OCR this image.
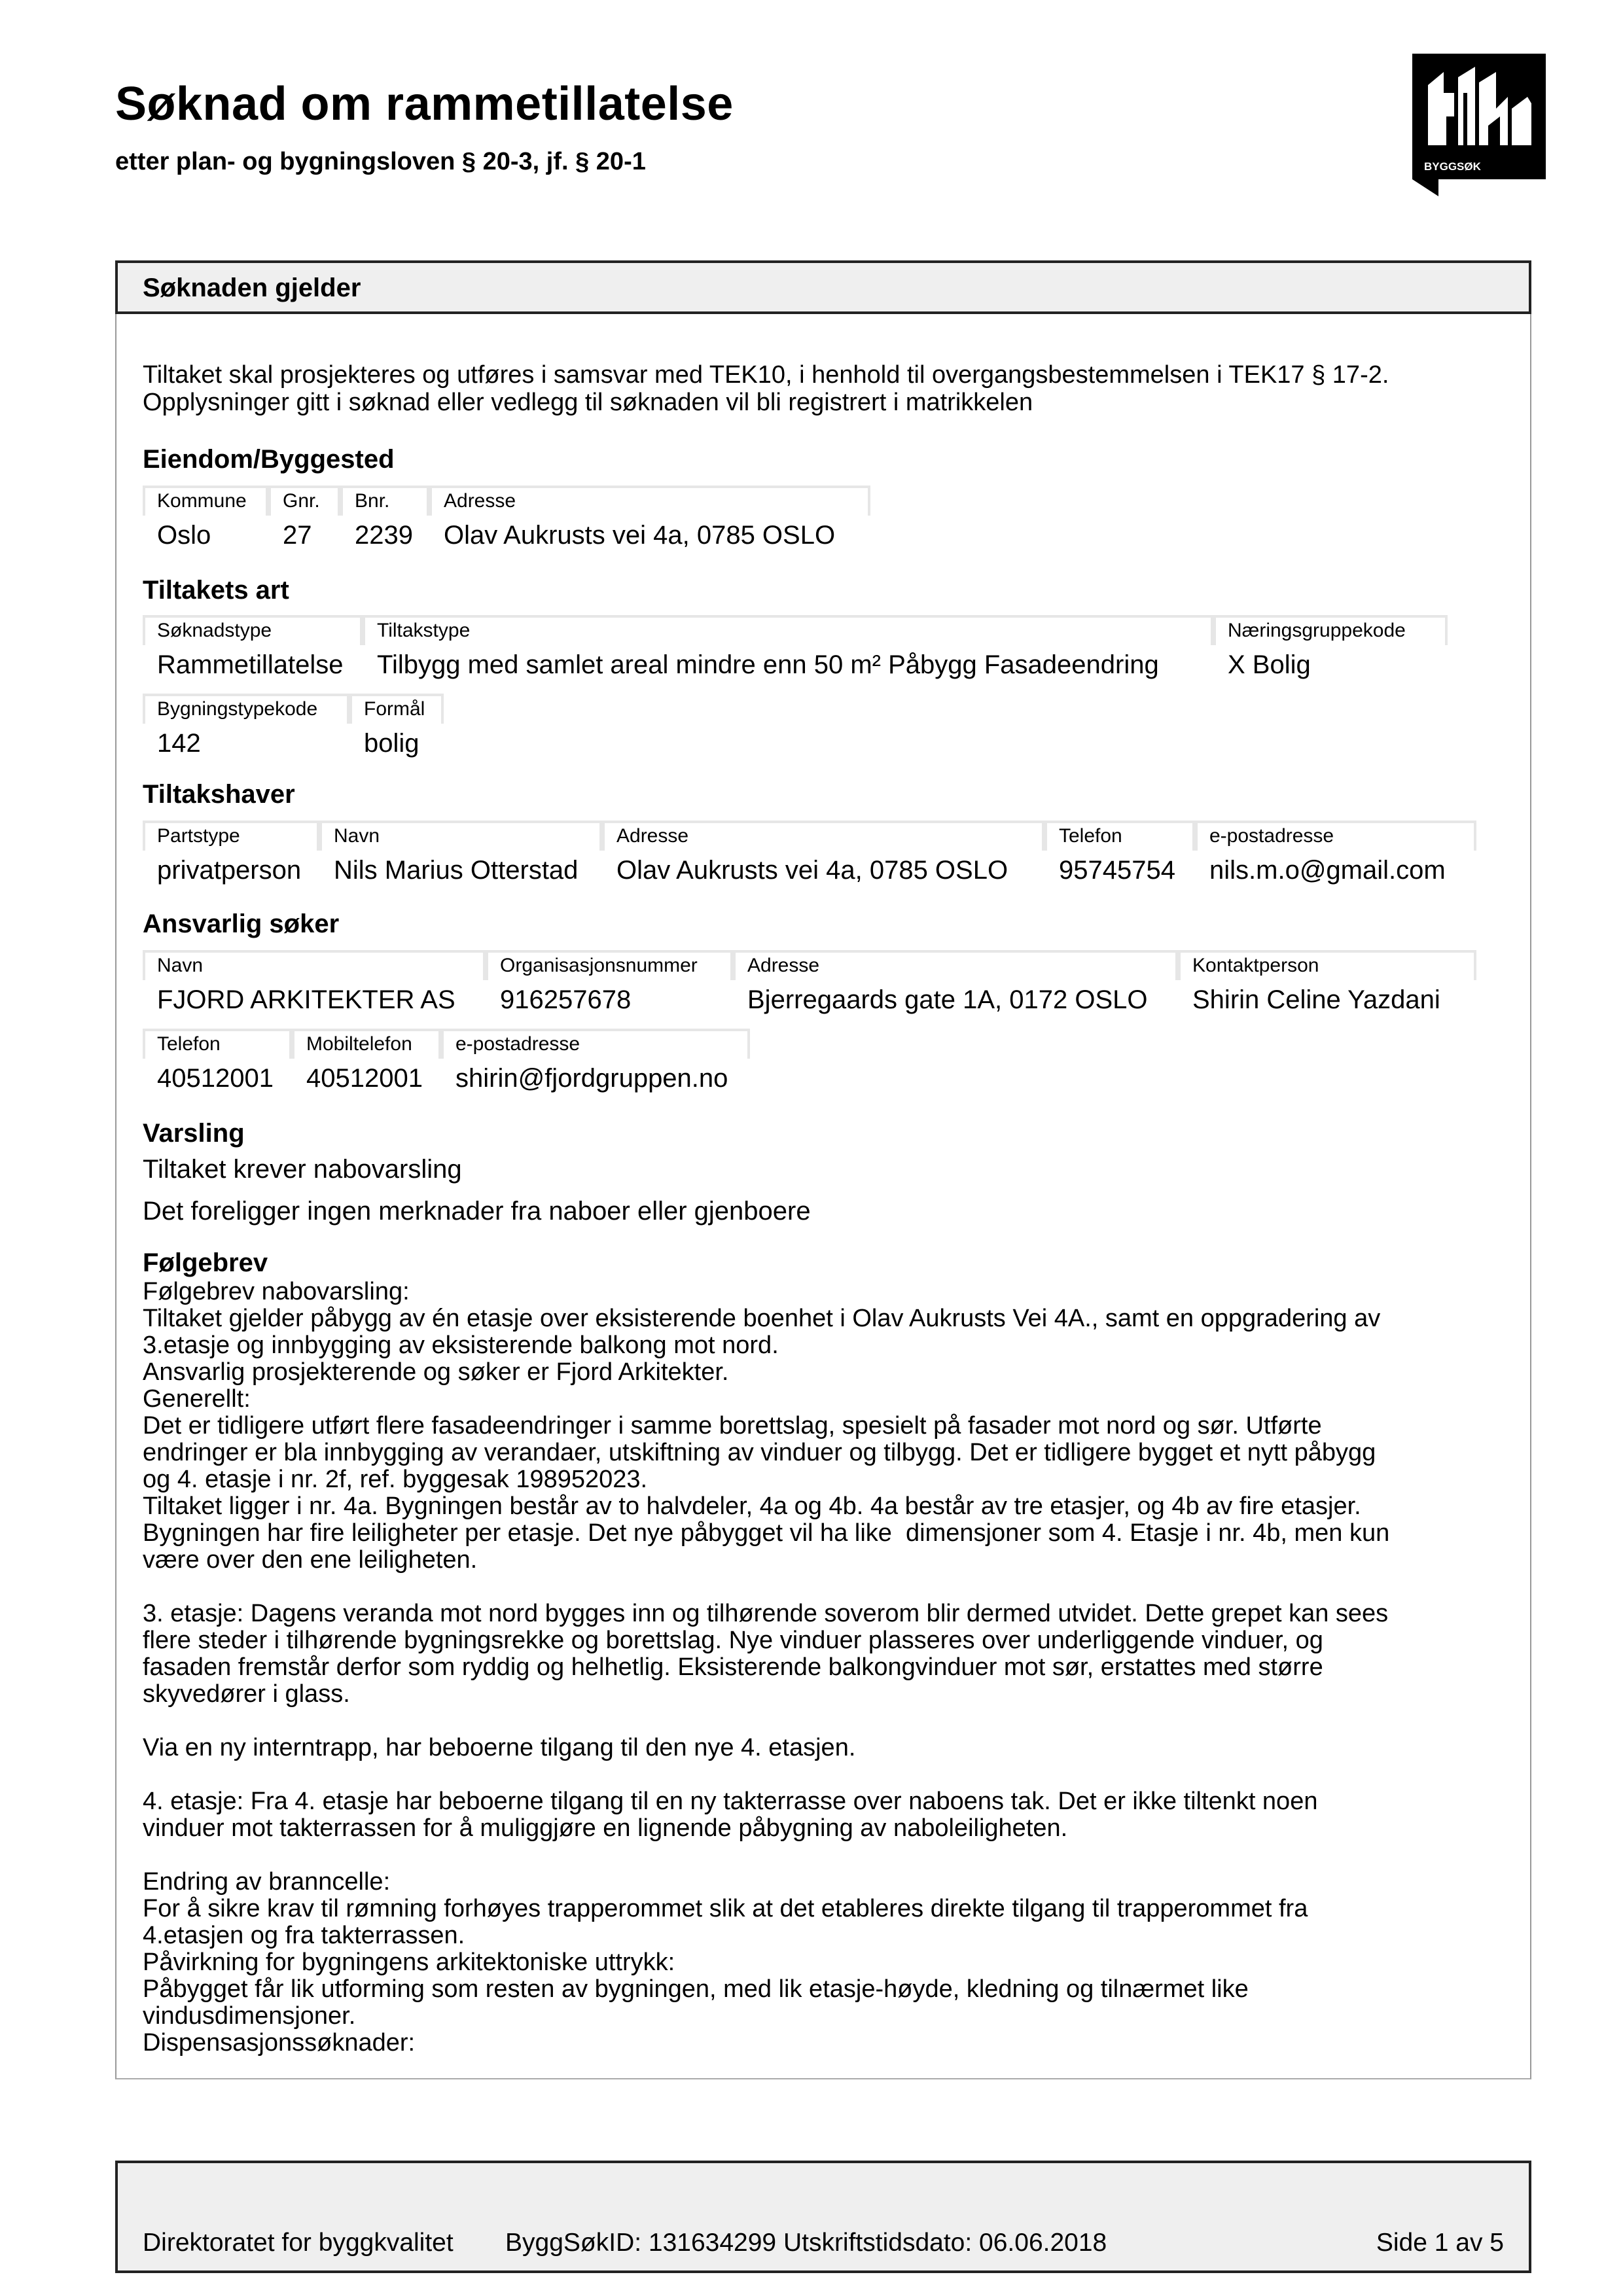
Søknad om rammetillatelse
etter plan- og bygningsloven § 20-3, jf. § 20-1	BYGGSØK
Søknaden gjelder
Tiltaket skal prosjekteres og utføres i samsvar med TEK10, i henhold til overgangsbestemmelsen i TEK17 § 17-2.
Opplysninger gitt i søknad eller vedlegg til søknaden vil bli registrert i matrikkelen
Eiendom/Byggested
Kommune
Oslo
Gnr.
27
Bnr.
2239
Adresse
Olav Aukrusts vei 4a, 0785 OSLO
Tiltakets art
Søknadstype
Rammetillatelse
Tiltakstype
Tilbygg med samlet areal mindre enn 50 m² Påbygg Fasadeendring
Næringsgruppekode
X Bolig
Bygningstypekode
142
Formål
bolig
Tiltakshaver
Partstype
privatperson
Navn
Nils Marius Otterstad
Adresse
Olav Aukrusts vei 4a, 0785 OSLO
Telefon
95745754
e-postadresse
nils.m.o@gmail.com
Ansvarlig søker
Navn
FJORD ARKITEKTER AS
Organisasjonsnummer
916257678
Adresse
Bjerregaards gate 1A, 0172 OSLO
Kontaktperson
Shirin Celine Yazdani
Telefon
40512001
Mobiltelefon
40512001
e-postadresse
shirin@fjordgruppen.no
Varsling
Tiltaket krever nabovarsling
Det foreligger ingen merknader fra naboer eller gjenboere
Følgebrev
Følgebrev nabovarsling:
Tiltaket gjelder påbygg av én etasje over eksisterende boenhet i Olav Aukrusts Vei 4A., samt en oppgradering av
3.etasje og innbygging av eksisterende balkong mot nord.
Ansvarlig prosjekterende og søker er Fjord Arkitekter.
Generellt:
Det er tidligere utført flere fasadeendringer i samme borettslag, spesielt på fasader mot nord og sør. Utførte
endringer er bla innbygging av verandaer, utskiftning av vinduer og tilbygg. Det er tidligere bygget et nytt påbygg
og 4. etasje i nr. 2f, ref. byggesak 198952023.
Tiltaket ligger i nr. 4a. Bygningen består av to halvdeler, 4a og 4b. 4a består av tre etasjer, og 4b av fire etasjer.
Bygningen har fire leiligheter per etasje. Det nye påbygget vil ha like  dimensjoner som 4. Etasje i nr. 4b, men kun
være over den ene leiligheten.
3. etasje: Dagens veranda mot nord bygges inn og tilhørende soverom blir dermed utvidet. Dette grepet kan sees
flere steder i tilhørende bygningsrekke og borettslag. Nye vinduer plasseres over underliggende vinduer, og
fasaden fremstår derfor som ryddig og helhetlig. Eksisterende balkongvinduer mot sør, erstattes med større
skyvedører i glass.
Via en ny interntrapp, har beboerne tilgang til den nye 4. etasjen.
4. etasje: Fra 4. etasje har beboerne tilgang til en ny takterrasse over naboens tak. Det er ikke tiltenkt noen
vinduer mot takterrassen for å muliggjøre en lignende påbygning av naboleiligheten.
Endring av branncelle:
For å sikre krav til rømning forhøyes trapperommet slik at det etableres direkte tilgang til trapperommet fra
4.etasjen og fra takterrassen.
Påvirkning for bygningens arkitektoniske uttrykk:
Påbygget får lik utforming som resten av bygningen, med lik etasje-høyde, kledning og tilnærmet like
vindusdimensjoner.
Dispensasjonssøknader:
Direktoratet for byggkvalitet ByggSøkID: 131634299 Utskriftstidsdato: 06.06.2018	Side 1 av 5
